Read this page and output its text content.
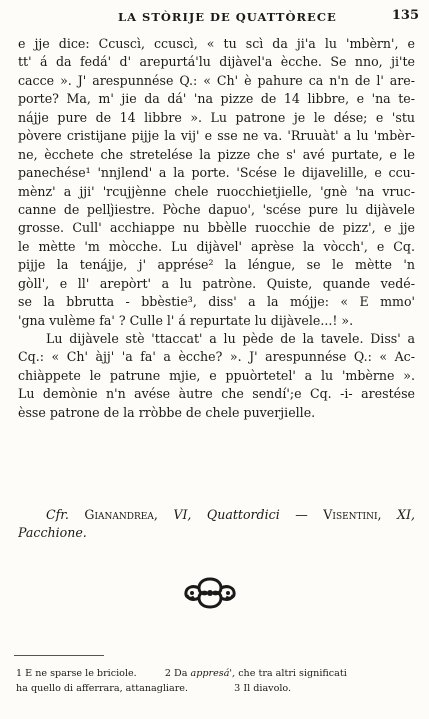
LA STÒRIJE DE QUATTÒRECE	135
e jje dice: Ccuscì, ccuscì, « tu scì da ji'a lu 'mbèrn', e
tt' á da fedá' d' arepurtá'lu dijàvel'a ècche. Se nno, ji'te
cacce ». J' arespunnése Q.: « Ch' è pahure ca n'n de l' are-
porte? Ma, m' jie da dá' 'na pizze de 14 libbre, e 'na te-
nájje pure de 14 libbre ». Lu patrone je le dése; e 'stu
pòvere cristijane pijje la vij' e sse ne va. 'Rruuàt' a lu 'mbèr-
ne, ècchete che stretelése la pizze che s' avé purtate, e le
panechése¹ 'nnjlend' a la porte. 'Scése le dijavelille, e ccu-
mènz' a jji' 'rcujjènne chele ruocchietjielle, 'gnè 'na vruc-
canne de pellj̀iestre. Pòche dapuo', 'scése pure lu dijàvele
grosse. Cull' acchiappe nu bbèlle ruocchie de pizz', e jje
le mètte 'm mòcche. Lu dijàvel' aprèse la vòcch', e Cq.
pijje la tenájje, j' apprése² la léngue, se le mètte 'n
gòll', e ll' arepòrt' a lu patròne. Quiste, quande vedé-
se la bbrutta - bbèstie³, diss' a la mójje: « E mmo'
'gna vulème fa' ? Culle l' á repurtate lu dijàvele...! ».
Lu dijàvele stè 'ttaccat' a lu pède de la tavele. Diss' a
Cq.: « Ch' àjj' 'a fa' a ècche? ». J' arespunnése Q.: « Ac-
chiàppete le patrune mjie, e ppuòrtetel' a lu 'mbèrne ».
Lu demònie n'n avése àutre che sendí';e Cq. -i- arestése
èsse patrone de la rròbbe de chele puverjielle.
Cfr. Gianandrea, VI, Quattordici — Visentini, XI,
Pacchione.
1 E ne sparse le briciole.	2 Da appresá', che tra altri significati
ha quello di afferrara, attanagliare.	3 Il diavolo.
